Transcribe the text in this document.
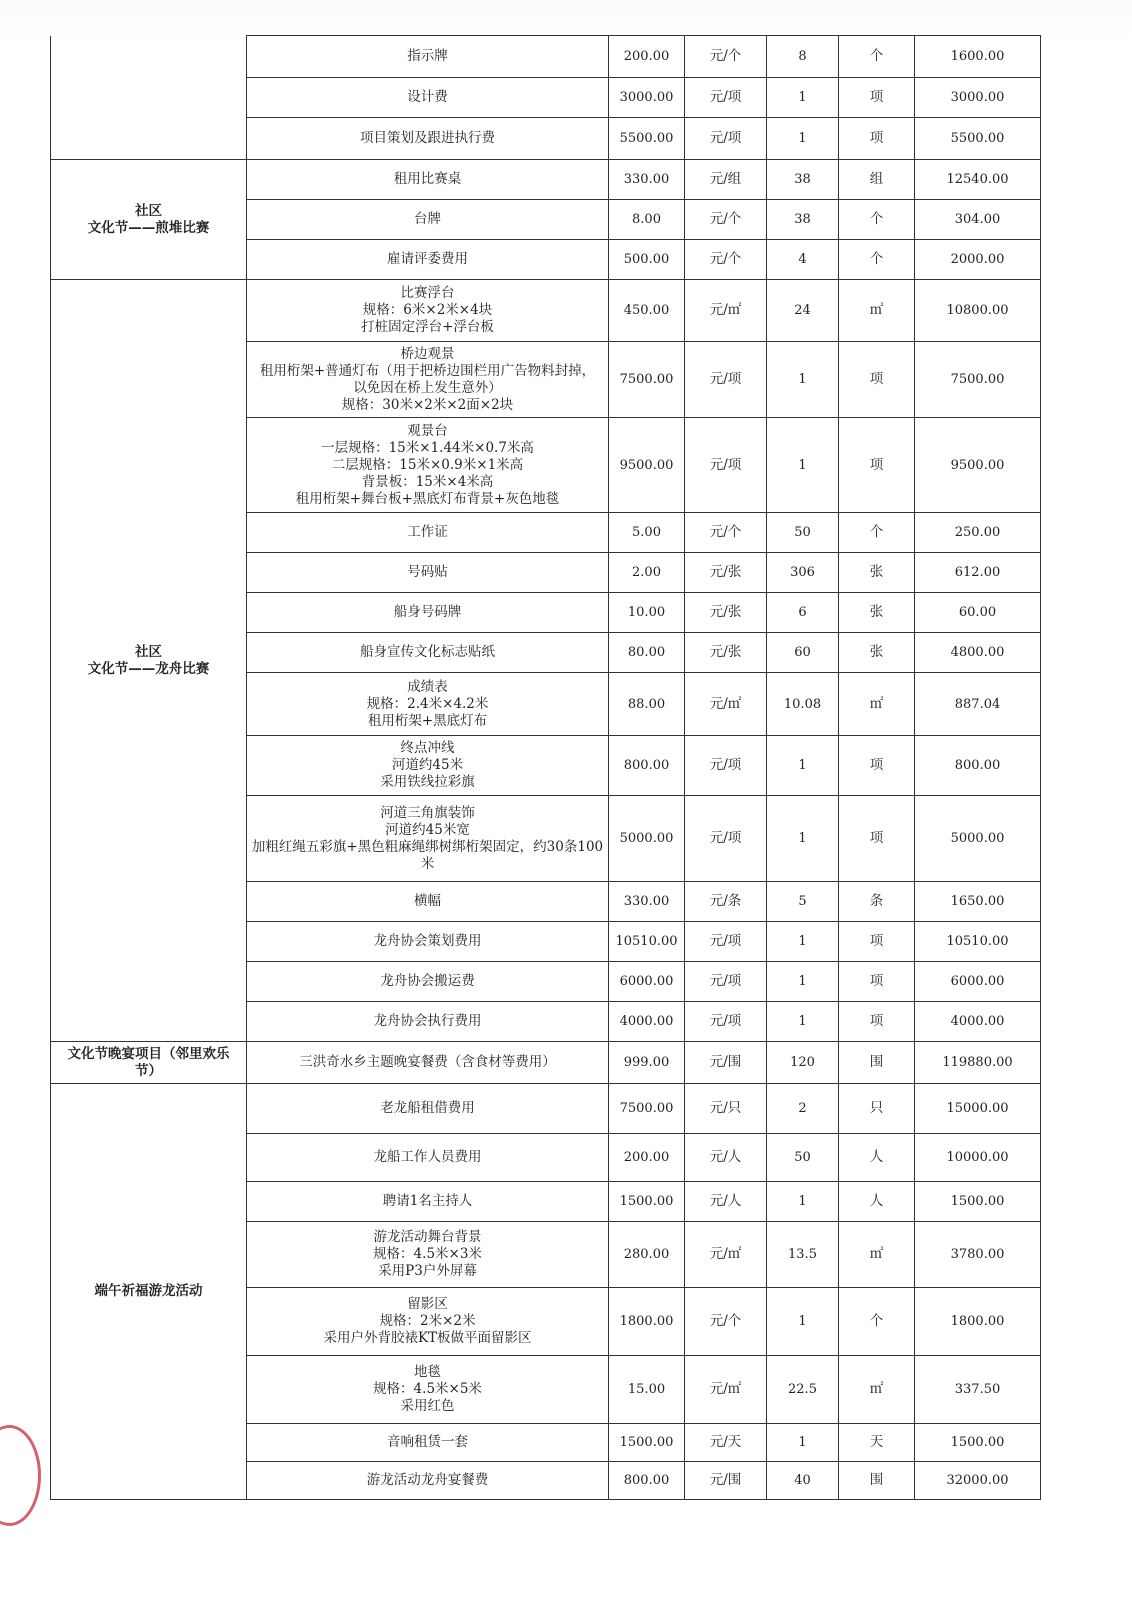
	指示牌	200.00	元/个	8	个	1600.00

	设计费	3000.00	元/项	1	项	3000.00

	项目策划及跟进执行费	5500.00	元/项	1	项	5500.00

社区
文化节——煎堆比赛	租用比赛桌	330.00	元/组	38	组	12540.00

	台牌	8.00	元/个	38	个	304.00

	雇请评委费用	500.00	元/个	4	个	2000.00

社区
文化节——龙舟比赛	比赛浮台
规格：6米×2米×4块
打桩固定浮台+浮台板	450.00	元/㎡	24	㎡	10800.00

	桥边观景
租用桁架+普通灯布（用于把桥边围栏用广告物料封掉，
以免因在桥上发生意外）
规格：30米×2米×2面×2块	7500.00	元/项	1	项	7500.00

	观景台
一层规格：15米×1.44米×0.7米高
二层规格：15米×0.9米×1米高
背景板：15米×4米高
租用桁架+舞台板+黑底灯布背景+灰色地毯	9500.00	元/项	1	项	9500.00

	工作证	5.00	元/个	50	个	250.00

	号码贴	2.00	元/张	306	张	612.00

	船身号码牌	10.00	元/张	6	张	60.00

	船身宣传文化标志贴纸	80.00	元/张	60	张	4800.00

	成绩表
规格：2.4米×4.2米
租用桁架+黑底灯布	88.00	元/㎡	10.08	㎡	887.04

	终点冲线
河道约45米
采用铁线拉彩旗	800.00	元/项	1	项	800.00

	河道三角旗装饰
河道约45米宽
加粗红绳五彩旗+黑色粗麻绳绑树绑桁架固定，约30条100
米	5000.00	元/项	1	项	5000.00

	横幅	330.00	元/条	5	条	1650.00

	龙舟协会策划费用	10510.00	元/项	1	项	10510.00

	龙舟协会搬运费	6000.00	元/项	1	项	6000.00

	龙舟协会执行费用	4000.00	元/项	1	项	4000.00

文化节晚宴项目（邻里欢乐
节）	三洪奇水乡主题晚宴餐费（含食材等费用）	999.00	元/围	120	围	119880.00

端午祈福游龙活动	老龙船租借费用	7500.00	元/只	2	只	15000.00

	龙船工作人员费用	200.00	元/人	50	人	10000.00

	聘请1名主持人	1500.00	元/人	1	人	1500.00

	游龙活动舞台背景
规格：4.5米×3米
采用P3户外屏幕	280.00	元/㎡	13.5	㎡	3780.00

	留影区
规格：2米×2米
采用户外背胶裱KT板做平面留影区	1800.00	元/个	1	个	1800.00

	地毯
规格：4.5米×5米
采用红色	15.00	元/㎡	22.5	㎡	337.50

	音响租赁一套	1500.00	元/天	1	天	1500.00

	游龙活动龙舟宴餐费	800.00	元/围	40	围	32000.00
